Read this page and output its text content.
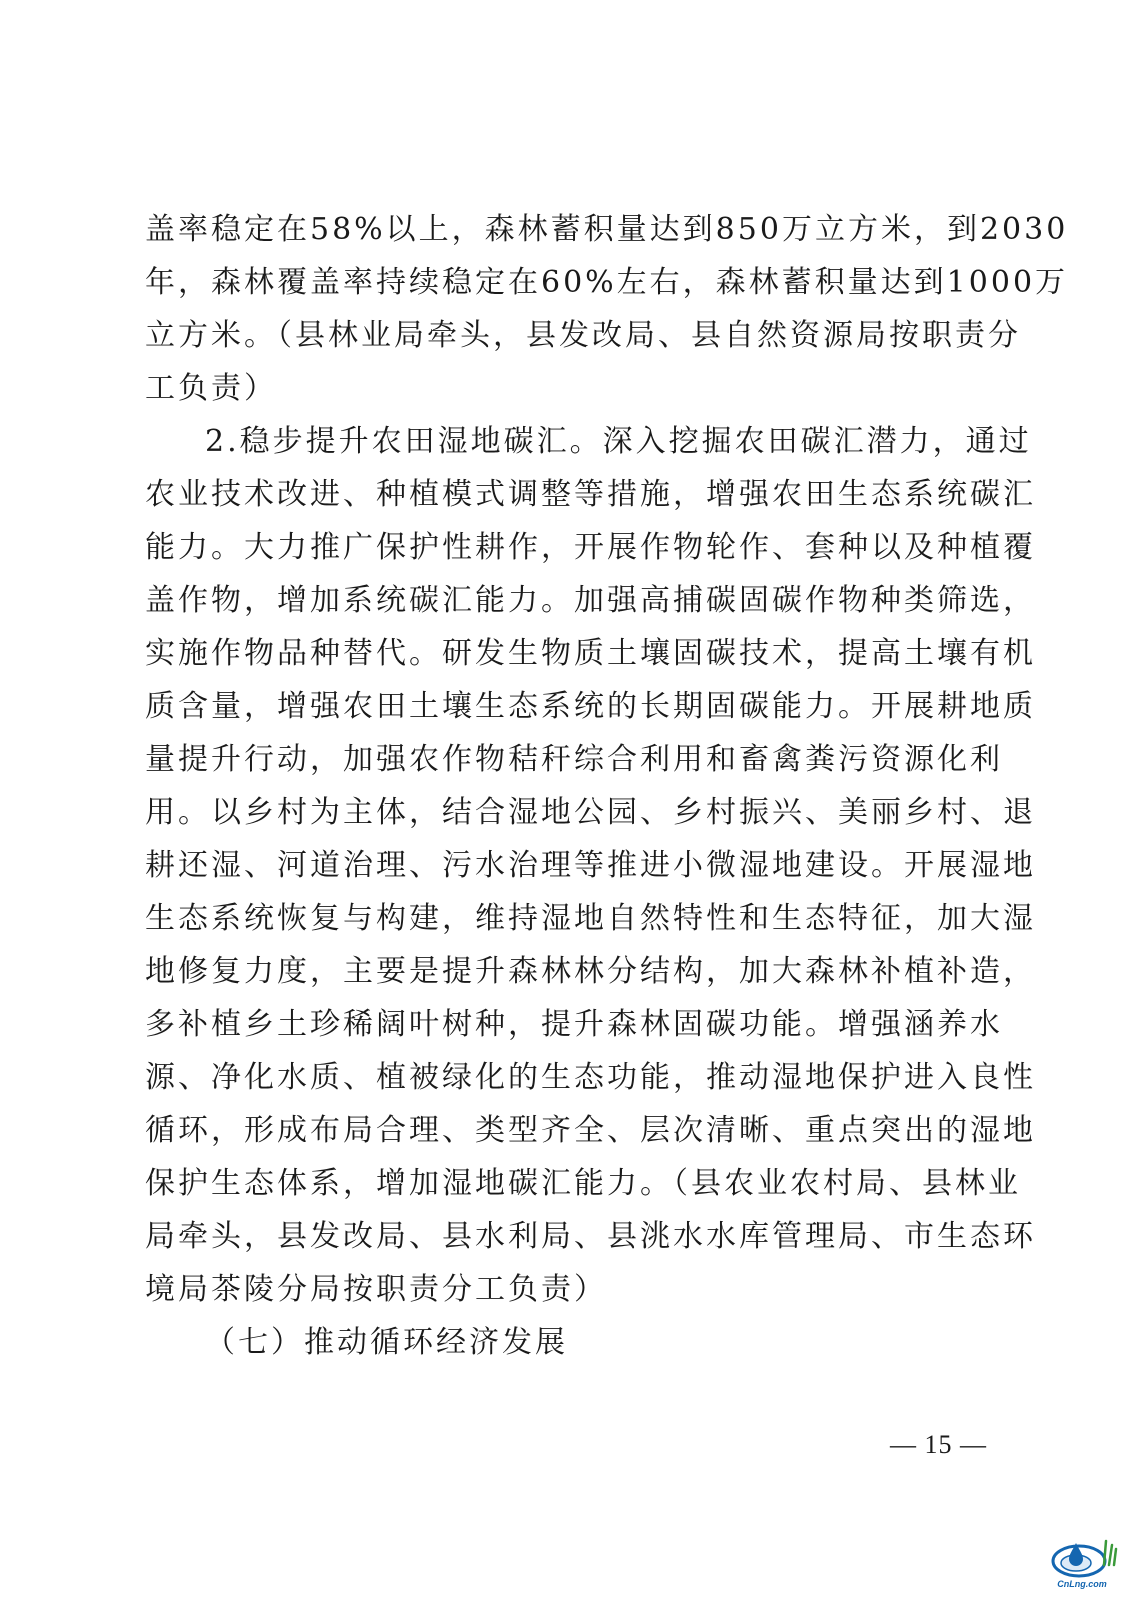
盖率稳定在58%以上，森林蓄积量达到850万立方米，到2030
年，森林覆盖率持续稳定在60%左右，森林蓄积量达到1000万
立方米。（县林业局牵头，县发改局、县自然资源局按职责分
工负责）
2.稳步提升农田湿地碳汇。深入挖掘农田碳汇潜力，通过
农业技术改进、种植模式调整等措施，增强农田生态系统碳汇
能力。大力推广保护性耕作，开展作物轮作、套种以及种植覆
盖作物，增加系统碳汇能力。加强高捕碳固碳作物种类筛选，
实施作物品种替代。研发生物质土壤固碳技术，提高土壤有机
质含量，增强农田土壤生态系统的长期固碳能力。开展耕地质
量提升行动，加强农作物秸秆综合利用和畜禽粪污资源化利
用。以乡村为主体，结合湿地公园、乡村振兴、美丽乡村、退
耕还湿、河道治理、污水治理等推进小微湿地建设。开展湿地
生态系统恢复与构建，维持湿地自然特性和生态特征，加大湿
地修复力度，主要是提升森林林分结构，加大森林补植补造，
多补植乡土珍稀阔叶树种，提升森林固碳功能。增强涵养水
源、净化水质、植被绿化的生态功能，推动湿地保护进入良性
循环，形成布局合理、类型齐全、层次清晰、重点突出的湿地
保护生态体系，增加湿地碳汇能力。（县农业农村局、县林业
局牵头，县发改局、县水利局、县洮水水库管理局、市生态环
境局茶陵分局按职责分工负责）
（七）推动循环经济发展
— 15 —
CnLng.com
